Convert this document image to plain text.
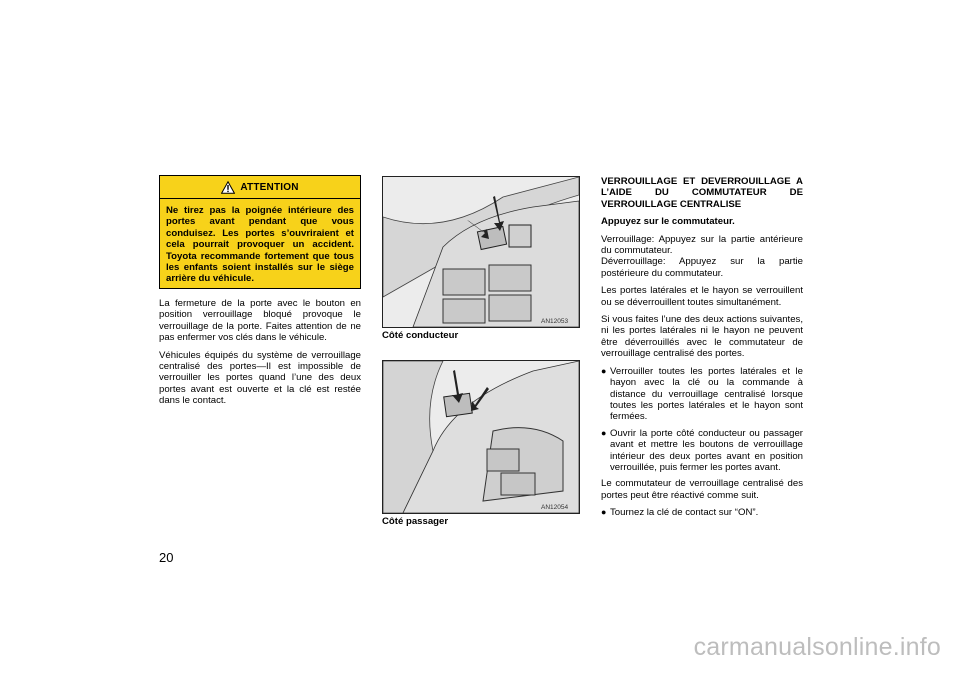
ATTENTION
Ne tirez pas la poignée intérieure des portes avant pendant que vous conduisez. Les portes s’ouvriraient et cela pourrait provoquer un accident. Toyota recommande fortement que tous les enfants soient installés sur le siège arrière du véhicule.

La fermeture de la porte avec le bouton en position verrouillage bloqué provoque le verrouillage de la porte. Faites attention de ne pas enfermer vos clés dans le véhicule.

Véhicules équipés du système de verrouillage centralisé des portes—Il est impossible de verrouiller les portes quand l’une des deux portes avant est ouverte et la clé est restée dans le contact.

AN12053
Côté conducteur
AN12054
Côté passager

VERROUILLAGE ET DEVERROUILLAGE A L’AIDE DU COMMUTATEUR DE VERROUILLAGE CENTRALISE

Appuyez sur le commutateur.

Verrouillage: Appuyez sur la partie antérieure du commutateur.

Déverrouillage: Appuyez sur la partie postérieure du commutateur.

Les portes latérales et le hayon se verrouillent ou se déverrouillent toutes simultanément.

Si vous faites l’une des deux actions suivantes, ni les portes latérales ni le hayon ne peuvent être déverrouillés avec le commutateur de verrouillage centralisé des portes.

● Verrouiller toutes les portes latérales et le hayon avec la clé ou la commande à distance du verrouillage centralisé lorsque toutes les portes latérales et le hayon sont fermées.
● Ouvrir la porte côté conducteur ou passager avant et mettre les boutons de verrouillage intérieur des deux portes avant en position verrouillée, puis fermer les portes avant.

Le commutateur de verrouillage centralisé des portes peut être réactivé comme suit.

● Tournez la clé de contact sur “ON”.
20
carmanualsonline.info
